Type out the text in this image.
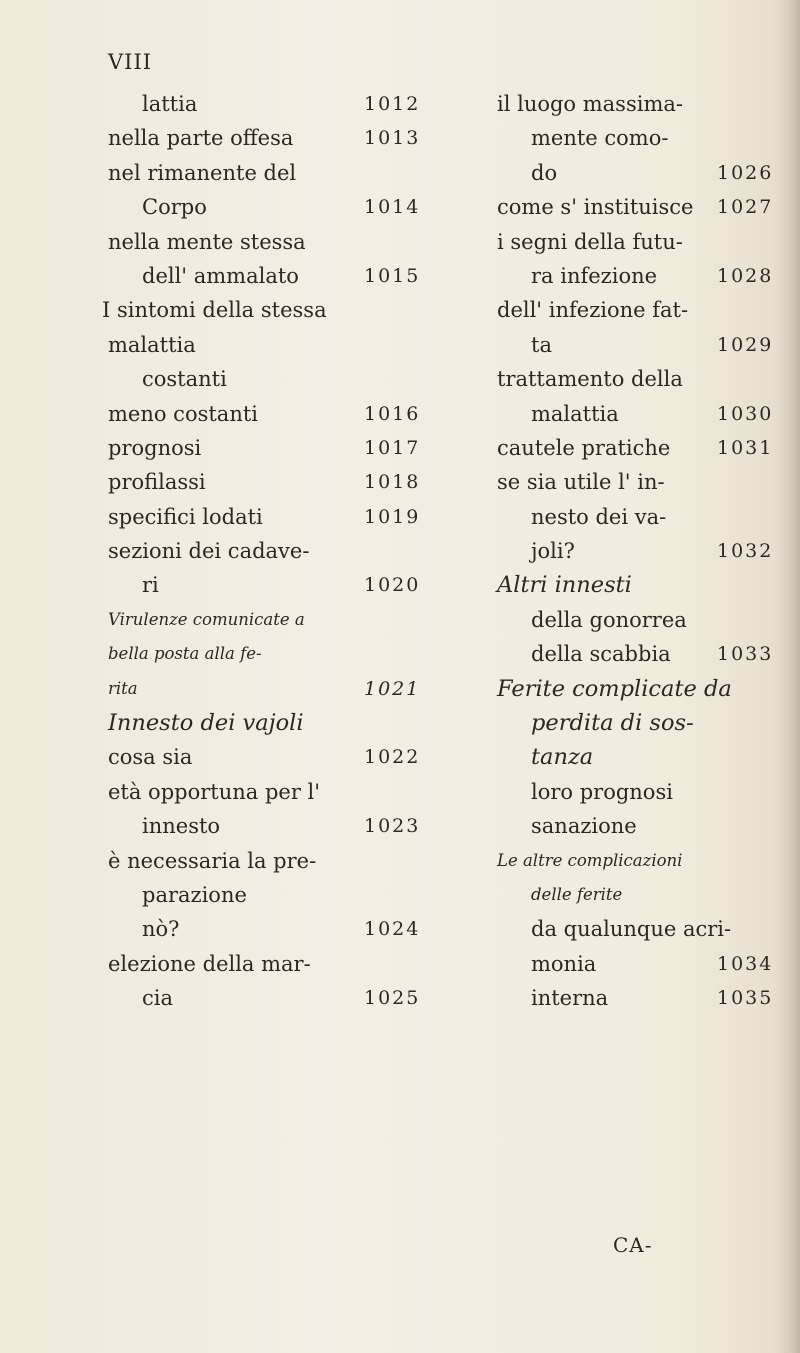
VIII
lattia	1012
nella parte offesa	1013
nel rimanente del
Corpo	1014
nella mente stessa
dell' ammalato	1015
I sintomi della stessa
malattia
costanti
meno costanti	1016
prognosi	1017
profilassi	1018
specifici lodati	1019
sezioni dei cadave-
ri	1020
Virulenze comunicate a
bella posta alla fe-
rita	1021
Innesto dei vajoli
cosa sia	1022
età opportuna per l'
innesto	1023
è necessaria la pre-
parazione
nò?	1024
elezione della mar-
cia	1025
il luogo massima-
mente como-
do	1026
come s' instituisce 1027
i segni della futu-
ra infezione	1028
dell' infezione fat-
ta	1029
trattamento della
malattia	1030
cautele pratiche 1031
se sia utile l' in-
nesto dei va-
joli?	1032
Altri innesti
della gonorrea
della scabbia 1033
Ferite complicate da
perdita di sos-
tanza
loro prognosi
sanazione
Le altre complicazioni
delle ferite
da qualunque acri-
monia	1034
interna	1035
CA-
